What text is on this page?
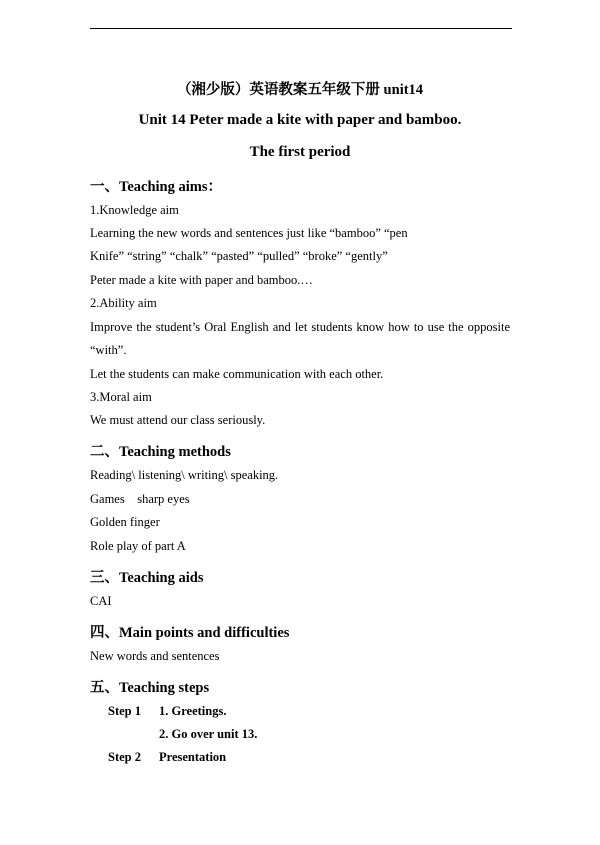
（湘少版）英语教案五年级下册 unit14
Unit 14 Peter made a kite with paper and bamboo.
The first period
一、Teaching aims：
1.Knowledge aim
Learning the new words and sentences just like “bamboo” “pen
Knife” “string” “chalk” “pasted” “pulled” “broke” “gently”
Peter made a kite with paper and bamboo.…
2.Ability aim
Improve the student’s Oral English and let students know how to use the opposite
“with”.
Let the students can make communication with each other.
3.Moral aim
We must attend our class seriously.
二、Teaching methods
Reading\ listening\ writing\ speaking.
Games    sharp eyes
Golden finger
Role play of part A
三、Teaching aids
CAI
四、Main points and difficulties
New words and sentences
五、Teaching steps
Step 1 1. Greetings.
2. Go over unit 13.
Step 2 Presentation
